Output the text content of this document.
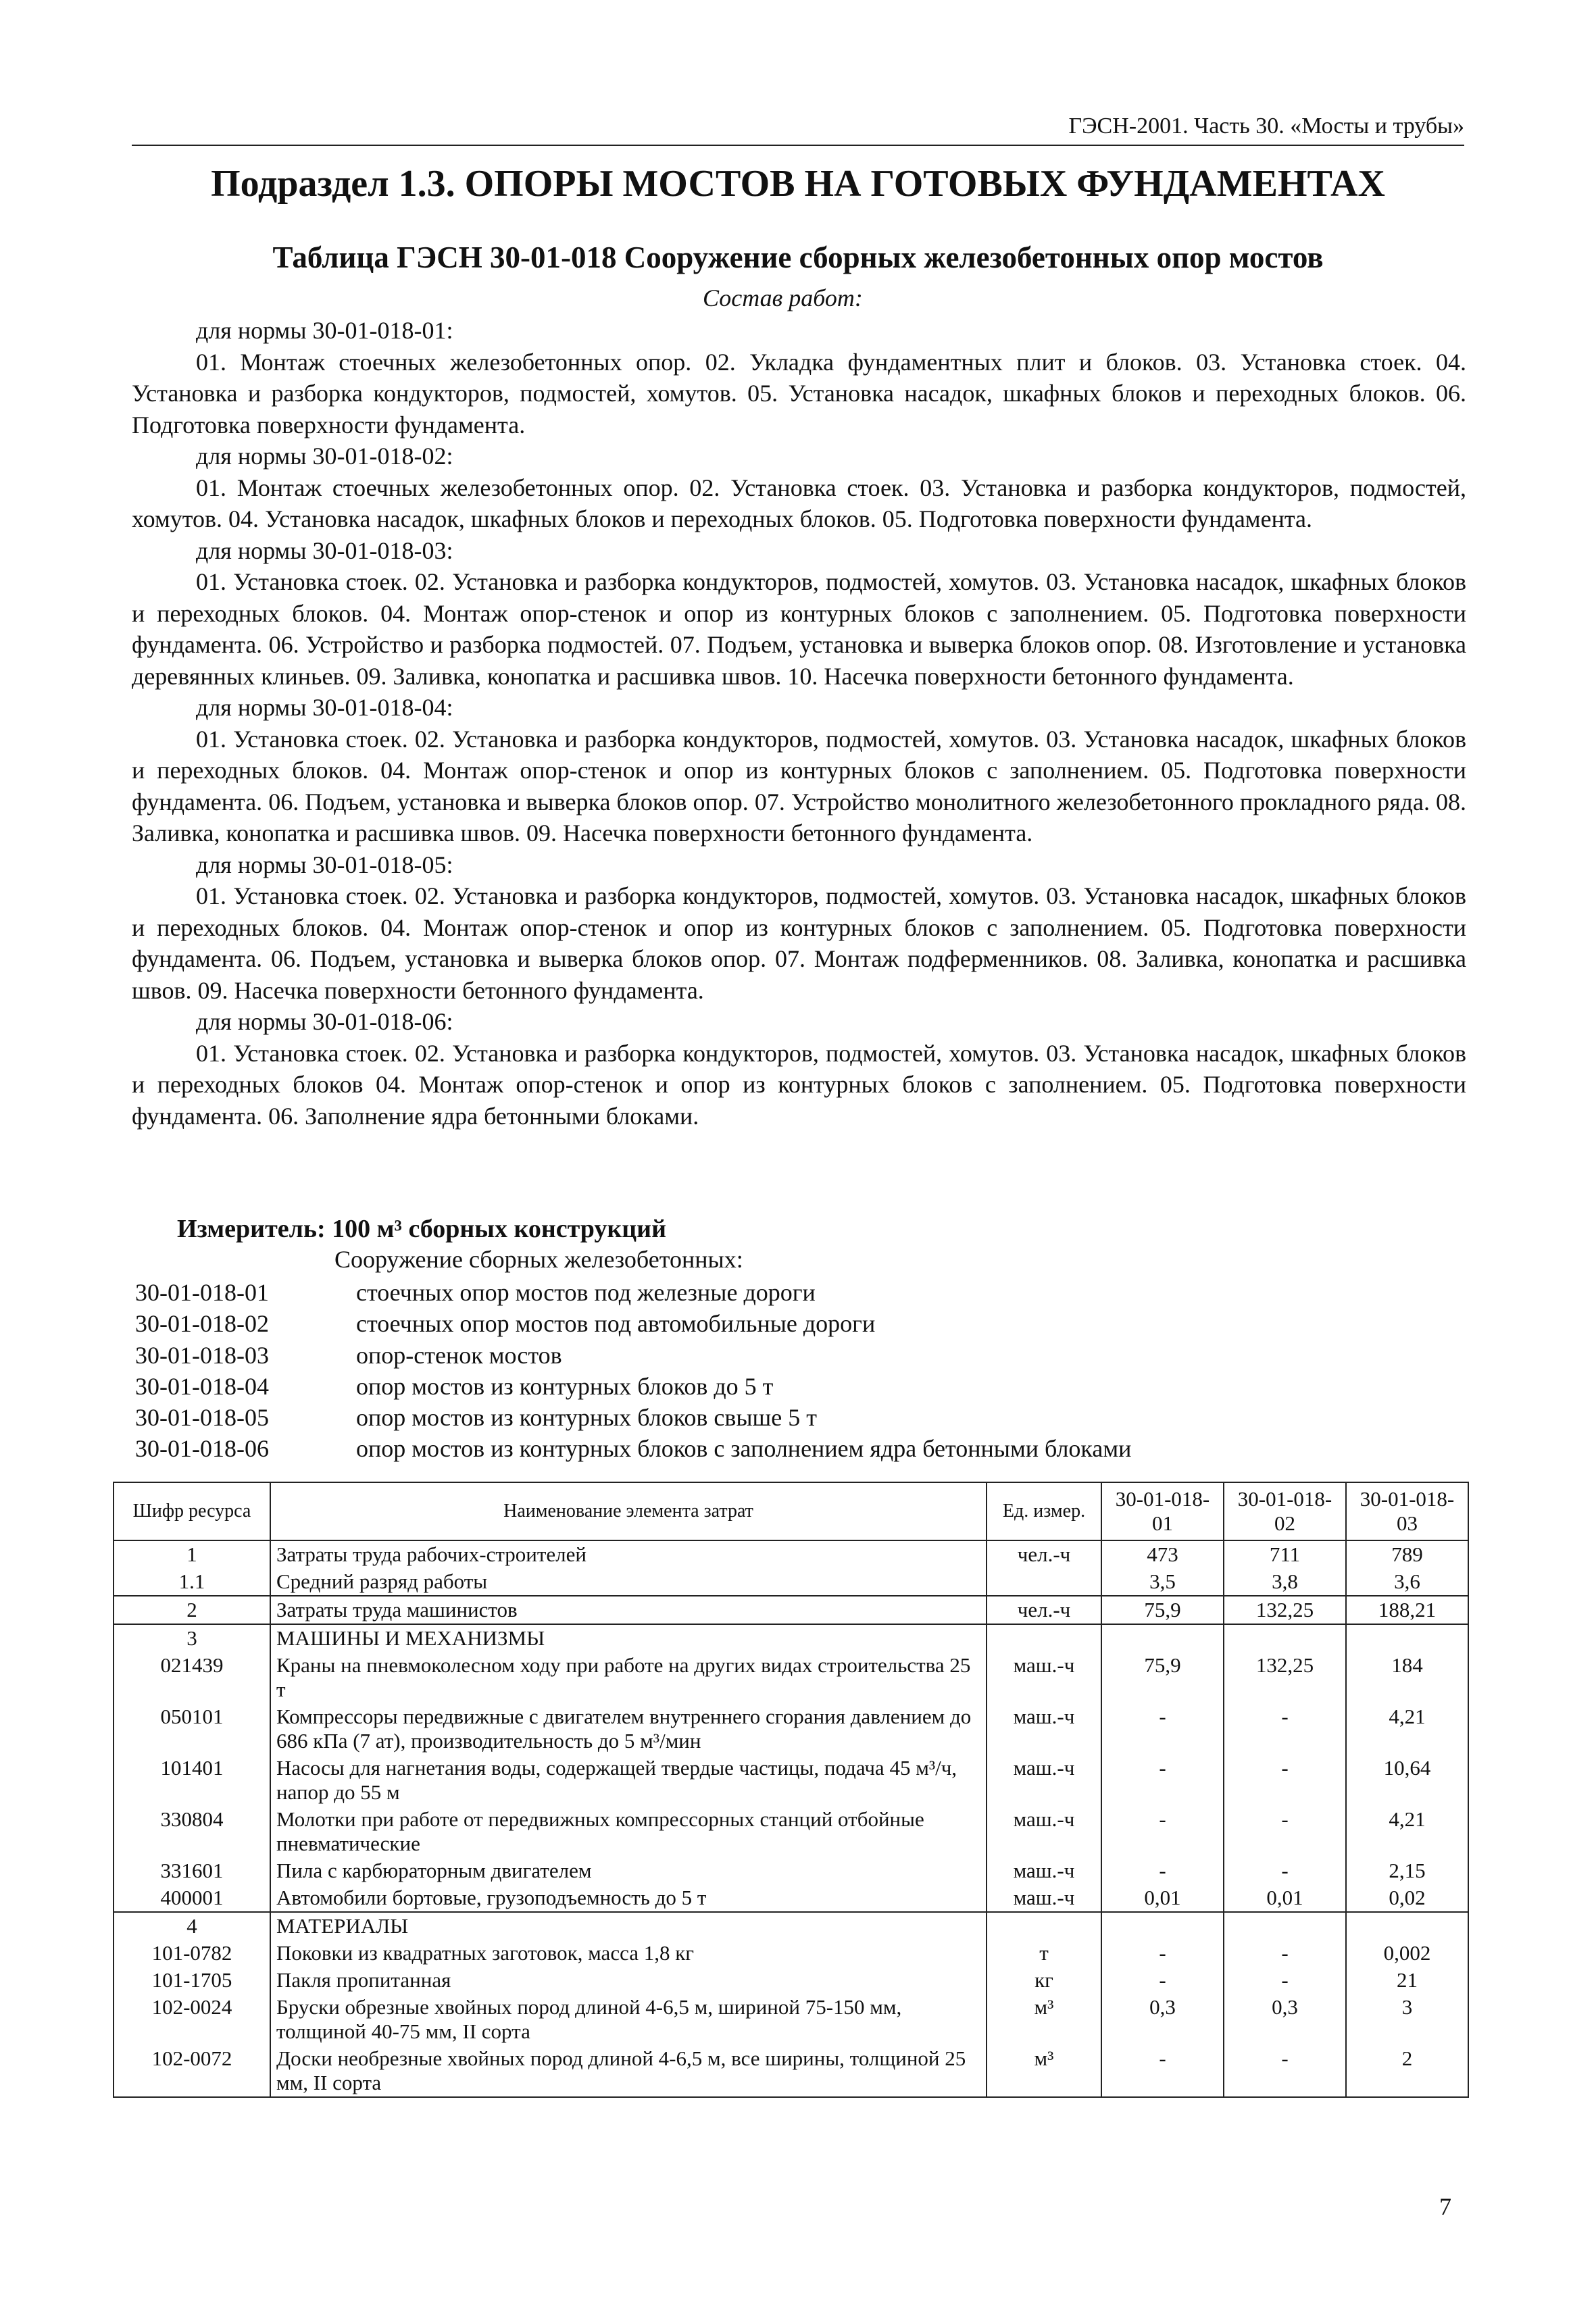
ГЭСН-2001. Часть 30. «Мосты и трубы»
Подраздел 1.3. ОПОРЫ МОСТОВ НА ГОТОВЫХ ФУНДАМЕНТАХ
Таблица ГЭСН 30-01-018 Сооружение сборных железобетонных опор мостов
Состав работ:
для нормы 30-01-018-01:
01. Монтаж стоечных железобетонных опор. 02. Укладка фундаментных плит и блоков. 03. Установка стоек. 04. Установка и разборка кондукторов, подмостей, хомутов. 05. Установка насадок, шкафных блоков и переходных блоков. 06. Подготовка поверхности фундамента.
для нормы 30-01-018-02:
01. Монтаж стоечных железобетонных опор. 02. Установка стоек. 03. Установка и разборка кондукторов, подмостей, хомутов. 04. Установка насадок, шкафных блоков и переходных блоков. 05. Подготовка поверхности фундамента.
для нормы 30-01-018-03:
01. Установка стоек. 02. Установка и разборка кондукторов, подмостей, хомутов. 03. Установка насадок, шкафных блоков и переходных блоков. 04. Монтаж опор-стенок и опор из контурных блоков с заполнением. 05. Подготовка поверхности фундамента. 06. Устройство и разборка подмостей. 07. Подъем, установка и выверка блоков опор. 08. Изготовление и установка деревянных клиньев. 09. Заливка, конопатка и расшивка швов. 10. Насечка поверхности бетонного фундамента.
для нормы 30-01-018-04:
01. Установка стоек. 02. Установка и разборка кондукторов, подмостей, хомутов. 03. Установка насадок, шкафных блоков и переходных блоков. 04. Монтаж опор-стенок и опор из контурных блоков с заполнением. 05. Подготовка поверхности фундамента. 06. Подъем, установка и выверка блоков опор. 07. Устройство монолитного железобетонного прокладного ряда. 08. Заливка, конопатка и расшивка швов. 09. Насечка поверхности бетонного фундамента.
для нормы 30-01-018-05:
01. Установка стоек. 02. Установка и разборка кондукторов, подмостей, хомутов. 03. Установка насадок, шкафных блоков и переходных блоков. 04. Монтаж опор-стенок и опор из контурных блоков с заполнением. 05. Подготовка поверхности фундамента. 06. Подъем, установка и выверка блоков опор. 07. Монтаж подферменников. 08. Заливка, конопатка и расшивка швов. 09. Насечка поверхности бетонного фундамента.
для нормы 30-01-018-06:
01. Установка стоек. 02. Установка и разборка кондукторов, подмостей, хомутов. 03. Установка насадок, шкафных блоков и переходных блоков 04. Монтаж опор-стенок и опор из контурных блоков с заполнением. 05. Подготовка поверхности фундамента. 06. Заполнение ядра бетонными блоками.
Измеритель: 100 м³ сборных конструкций
Сооружение сборных железобетонных:
30-01-018-01	стоечных опор мостов под железные дороги
30-01-018-02	стоечных опор мостов под автомобильные дороги
30-01-018-03	опор-стенок мостов
30-01-018-04	опор мостов из контурных блоков до 5 т
30-01-018-05	опор мостов из контурных блоков свыше 5 т
30-01-018-06	опор мостов из контурных блоков с заполнением ядра бетонными блоками
Шифр ресурса	Наименование элемента затрат	Ед. измер.	30-01-018-01	30-01-018-02	30-01-018-03
1	Затраты труда рабочих-строителей	чел.-ч	473	711	789
1.1	Средний разряд работы		3,5	3,8	3,6
2	Затраты труда машинистов	чел.-ч	75,9	132,25	188,21
3	МАШИНЫ И МЕХАНИЗМЫ				
021439	Краны на пневмоколесном ходу при работе на других видах строительства 25 т	маш.-ч	75,9	132,25	184
050101	Компрессоры передвижные с двигателем внутреннего сгорания давлением до 686 кПа (7 ат), производительность до 5 м³/мин	маш.-ч	-	-	4,21
101401	Насосы для нагнетания воды, содержащей твердые частицы, подача 45 м³/ч, напор до 55 м	маш.-ч	-	-	10,64
330804	Молотки при работе от передвижных компрессорных станций отбойные пневматические	маш.-ч	-	-	4,21
331601	Пила с карбюраторным двигателем	маш.-ч	-	-	2,15
400001	Автомобили бортовые, грузоподъемность до 5 т	маш.-ч	0,01	0,01	0,02
4	МАТЕРИАЛЫ				
101-0782	Поковки из квадратных заготовок, масса 1,8 кг	т	-	-	0,002
101-1705	Пакля пропитанная	кг	-	-	21
102-0024	Бруски обрезные хвойных пород длиной 4-6,5 м, шириной 75-150 мм, толщиной 40-75 мм, II сорта	м³	0,3	0,3	3
102-0072	Доски необрезные хвойных пород длиной 4-6,5 м, все ширины, толщиной 25 мм, II сорта	м³	-	-	2
7
